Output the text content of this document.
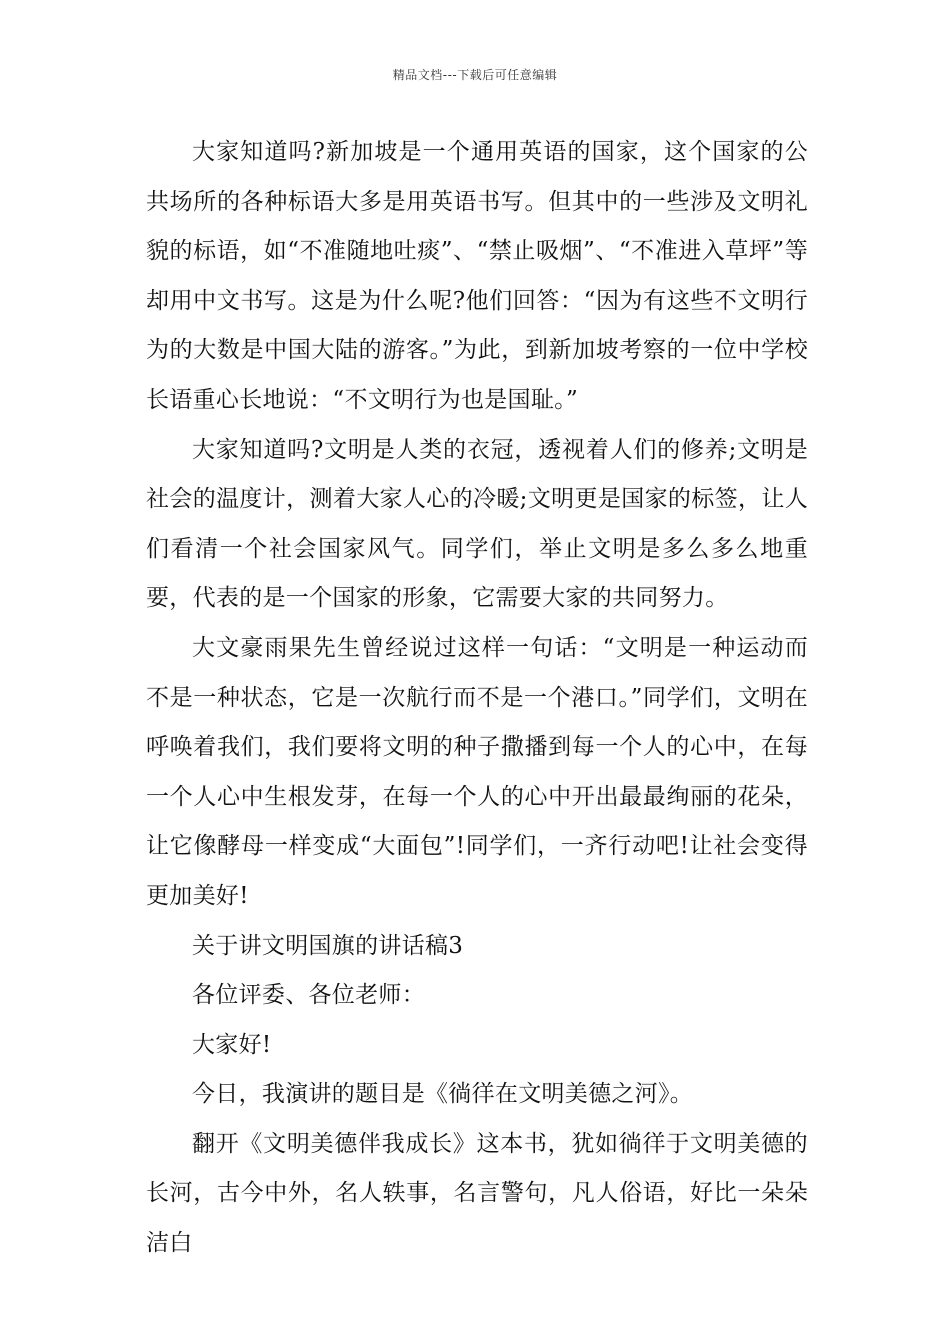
精品文档---下载后可任意编辑

大家知道吗?新加坡是一个通用英语的国家，这个国家的公共场所的各种标语大多是用英语书写。但其中的一些涉及文明礼貌的标语，如“不准随地吐痰”、“禁止吸烟”、“不准进入草坪”等却用中文书写。这是为什么呢?他们回答：“因为有这些不文明行为的大数是中国大陆的游客。”为此，到新加坡考察的一位中学校长语重心长地说：“不文明行为也是国耻。”

大家知道吗?文明是人类的衣冠，透视着人们的修养;文明是社会的温度计，测着大家人心的冷暖;文明更是国家的标签，让人们看清一个社会国家风气。同学们，举止文明是多么多么地重要，代表的是一个国家的形象，它需要大家的共同努力。

大文豪雨果先生曾经说过这样一句话：“文明是一种运动而不是一种状态，它是一次航行而不是一个港口。”同学们，文明在呼唤着我们，我们要将文明的种子撒播到每一个人的心中，在每一个人心中生根发芽，在每一个人的心中开出最最绚丽的花朵，让它像酵母一样变成“大面包”!同学们，一齐行动吧!让社会变得更加美好!

关于讲文明国旗的讲话稿3

各位评委、各位老师：

大家好!

今日，我演讲的题目是《徜徉在文明美德之河》。

翻开《文明美德伴我成长》这本书，犹如徜徉于文明美德的长河，古今中外，名人轶事，名言警句，凡人俗语，好比一朵朵洁白
